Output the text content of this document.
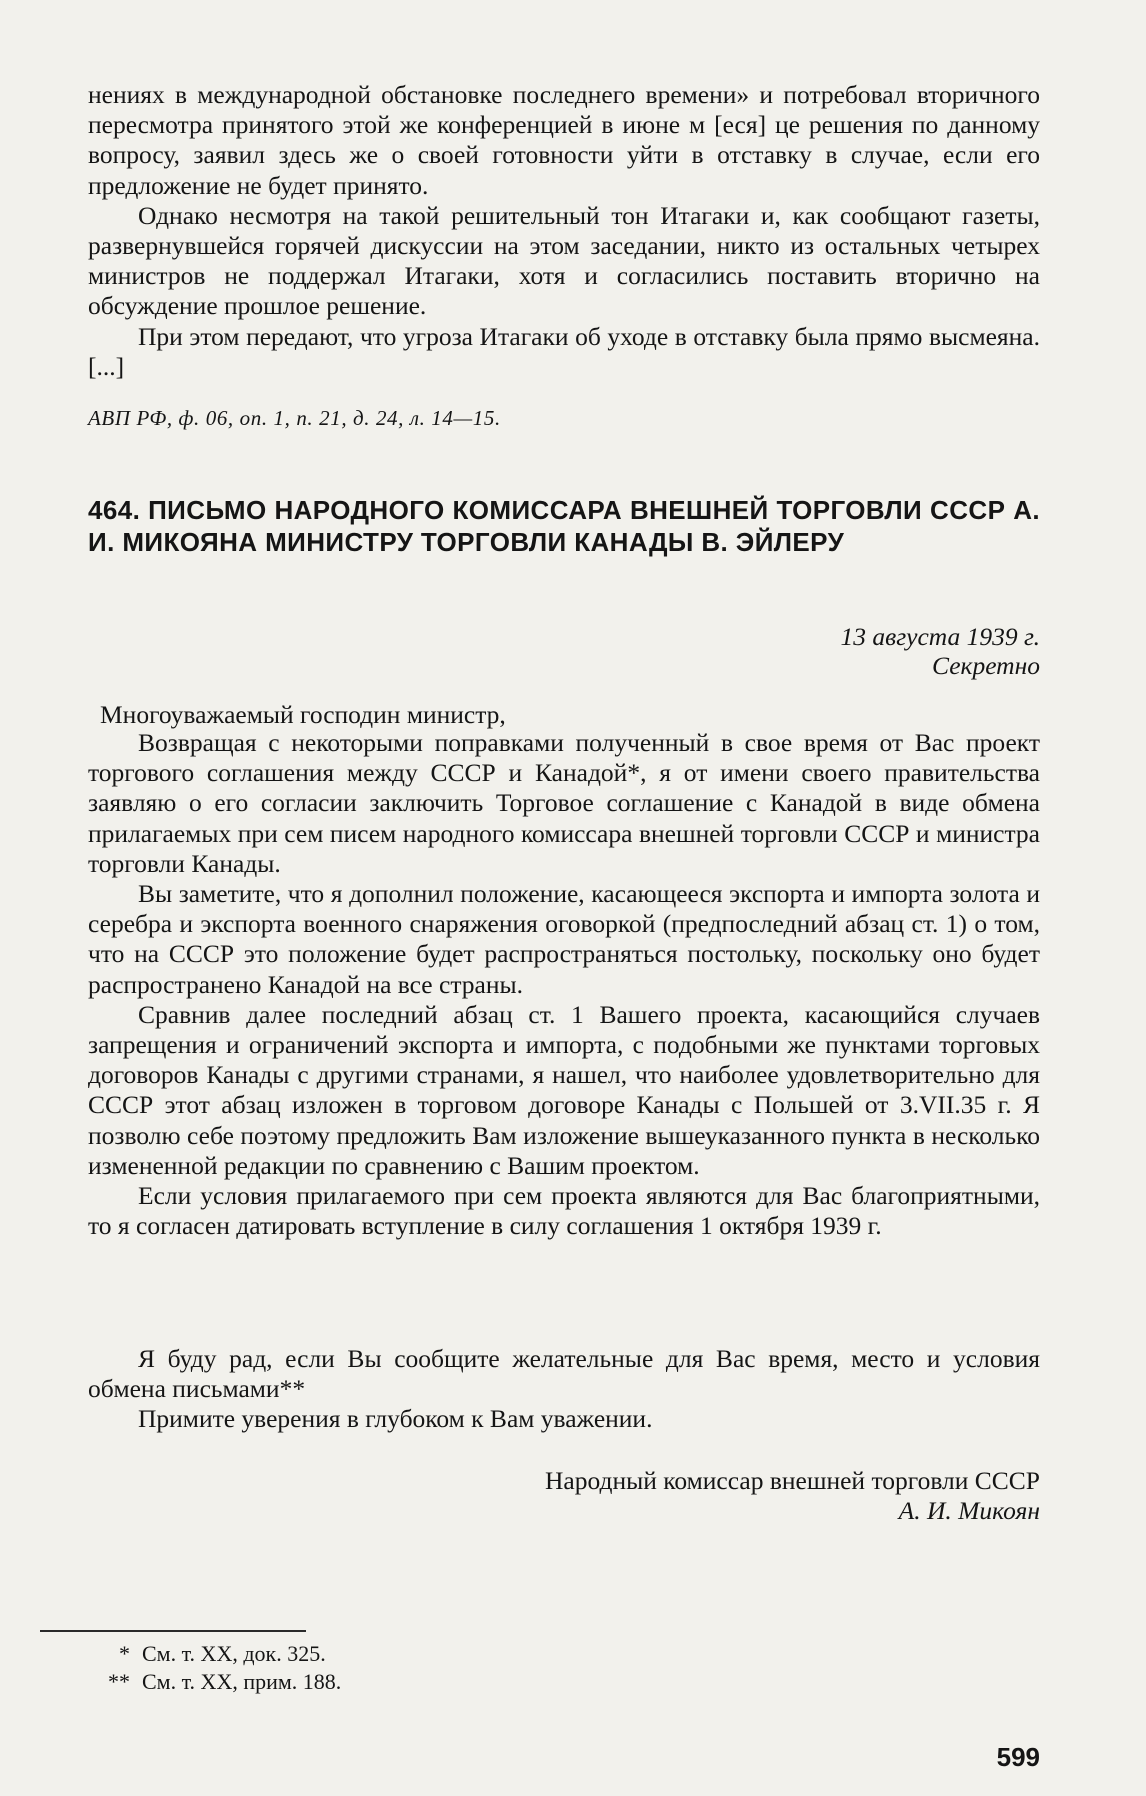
нениях в международной обстановке последнего времени» и потребовал вторичного пересмотра принятого этой же конференцией в июне м [еся] це решения по данному вопросу, заявил здесь же о своей готовности уйти в отставку в случае, если его предложение не будет принято.

Однако несмотря на такой решительный тон Итагаки и, как сообщают газеты, развернувшейся горячей дискуссии на этом заседании, никто из остальных четырех министров не поддержал Итагаки, хотя и согласились поставить вторично на обсуждение прошлое решение.

При этом передают, что угроза Итагаки об уходе в отставку была прямо высмеяна. [...]

АВП РФ, ф. 06, оп. 1, п. 21, д. 24, л. 14—15.
464. ПИСЬМО НАРОДНОГО КОМИССАРА ВНЕШНЕЙ ТОРГОВЛИ СССР А. И. МИКОЯНА МИНИСТРУ ТОРГОВЛИ КАНАДЫ В. ЭЙЛЕРУ
13 августа 1939 г.
Секретно
Многоуважаемый господин министр,

Возвращая с некоторыми поправками полученный в свое время от Вас проект торгового соглашения между СССР и Канадой*, я от имени своего правительства заявляю о его согласии заключить Торговое соглашение с Канадой в виде обмена прилагаемых при сем писем народного комиссара внешней торговли СССР и министра торговли Канады.

Вы заметите, что я дополнил положение, касающееся экспорта и импорта золота и серебра и экспорта военного снаряжения оговоркой (предпоследний абзац ст. 1) о том, что на СССР это положение будет распространяться постольку, поскольку оно будет распространено Канадой на все страны.

Сравнив далее последний абзац ст. 1 Вашего проекта, касающийся случаев запрещения и ограничений экспорта и импорта, с подобными же пунктами торговых договоров Канады с другими странами, я нашел, что наиболее удовлетворительно для СССР этот абзац изложен в торговом договоре Канады с Польшей от 3.VII.35 г. Я позволю себе поэтому предложить Вам изложение вышеуказанного пункта в несколько измененной редакции по сравнению с Вашим проектом.

Если условия прилагаемого при сем проекта являются для Вас благоприятными, то я согласен датировать вступление в силу соглашения 1 октября 1939 г.

Я буду рад, если Вы сообщите желательные для Вас время, место и условия обмена письмами**

Примите уверения в глубоком к Вам уважении.

Народный комиссар внешней торговли СССР
А. И. Микоян
* См. т. XX, док. 325.
** См. т. XX, прим. 188.
599
